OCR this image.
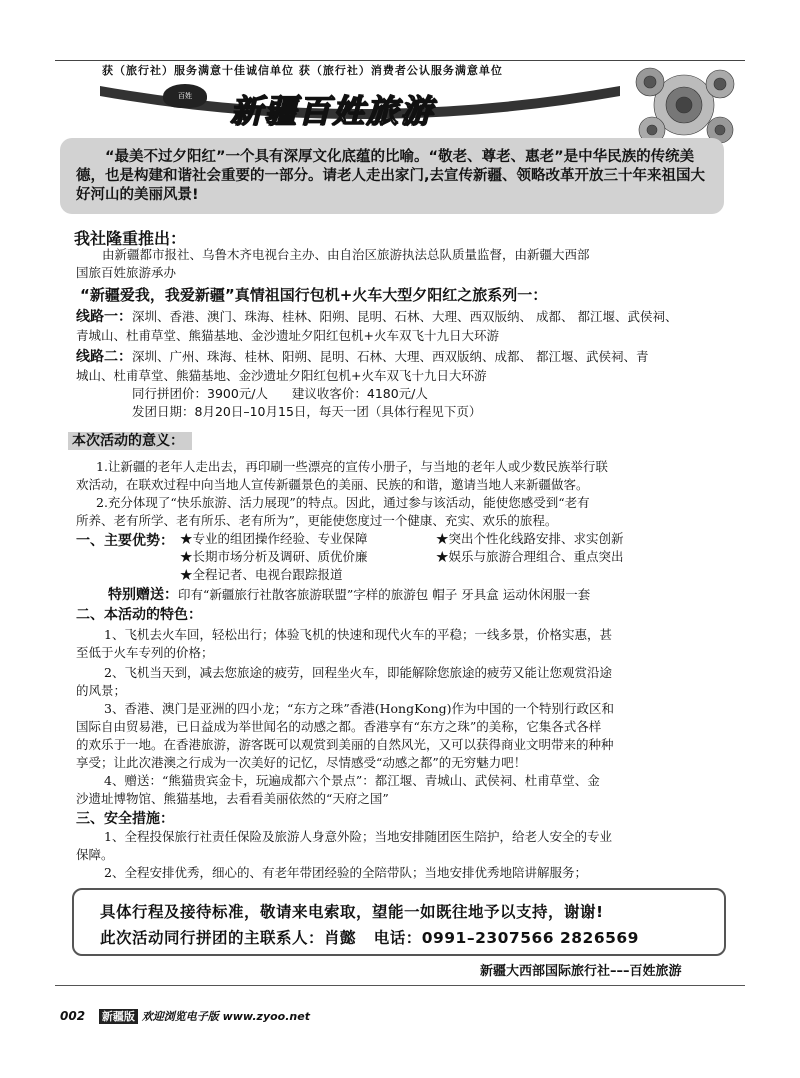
获（旅行社）服务满意十佳诚信单位 获（旅行社）消费者公认服务满意单位
百姓	新疆百姓旅游
“最美不过夕阳红”一个具有深厚文化底蕴的比喻。“敬老、尊老、惠老”是中华民族的传统美德，也是构建和谐社会重要的一部分。请老人走出家门,去宣传新疆、领略改革开放三十年来祖国大好河山的美丽风景!
我社隆重推出：
由新疆都市报社、乌鲁木齐电视台主办、由自治区旅游执法总队质量监督，由新疆大西部
国旅百姓旅游承办
“新疆爱我，我爱新疆”真情祖国行包机+火车大型夕阳红之旅系列一：
线路一：深圳、香港、澳门、珠海、桂林、阳朔、昆明、石林、大理、西双版纳、 成都、 都江堰、武侯祠、
青城山、杜甫草堂、熊猫基地、金沙遗址夕阳红包机+火车双飞十九日大环游
线路二：深圳、广州、珠海、桂林、阳朔、昆明、石林、大理、西双版纳、成都、 都江堰、武侯祠、青
城山、杜甫草堂、熊猫基地、金沙遗址夕阳红包机+火车双飞十九日大环游
同行拼团价：3900元/人      建议收客价：4180元/人
发团日期：8月20日–10月15日，每天一团（具体行程见下页）
本次活动的意义：
1.让新疆的老年人走出去，再印刷一些漂亮的宣传小册子，与当地的老年人或少数民族举行联
欢活动，在联欢过程中向当地人宣传新疆景色的美丽、民族的和谐，邀请当地人来新疆做客。
2.充分体现了“快乐旅游、活力展现”的特点。因此，通过参与该活动，能使您感受到“老有
所养、老有所学、老有所乐、老有所为”，更能使您度过一个健康、充实、欢乐的旅程。
一、主要优势： ★专业的组团操作经验、专业保障	★突出个性化线路安排、求实创新
★长期市场分析及调研、质优价廉	★娱乐与旅游合理组合、重点突出
★全程记者、电视台跟踪报道
特别赠送：印有“新疆旅行社散客旅游联盟”字样的旅游包 帽子 牙具盒 运动休闲服一套
二、本活动的特色：
1、飞机去火车回，轻松出行；体验飞机的快速和现代火车的平稳；一线多景，价格实惠，甚
至低于火车专列的价格；
2、飞机当天到，减去您旅途的疲劳，回程坐火车，即能解除您旅途的疲劳又能让您观赏沿途
的风景；
3、香港、澳门是亚洲的四小龙；“东方之珠”香港(HongKong)作为中国的一个特别行政区和
国际自由贸易港，已日益成为举世闻名的动感之都。香港享有“东方之珠”的美称，它集各式各样
的欢乐于一地。在香港旅游，游客既可以观赏到美丽的自然风光，又可以获得商业文明带来的种种
享受；让此次港澳之行成为一次美好的记忆，尽情感受“动感之都”的无穷魅力吧！
4、赠送：“熊猫贵宾金卡，玩遍成都六个景点”：都江堰、青城山、武侯祠、杜甫草堂、金
沙遗址博物馆、熊猫基地，去看看美丽依然的“天府之国”
三、安全措施：
1、全程投保旅行社责任保险及旅游人身意外险；当地安排随团医生陪护，给老人安全的专业
保障。
2、全程安排优秀，细心的、有老年带团经验的全陪带队；当地安排优秀地陪讲解服务；
具体行程及接待标准，敬请来电索取，望能一如既往地予以支持，谢谢!
此次活动同行拼团的主联系人：肖懿   电话：0991–2307566 2826569
新疆大西部国际旅行社–––百姓旅游
002 新疆版 欢迎浏览电子版 www.zyoo.net
